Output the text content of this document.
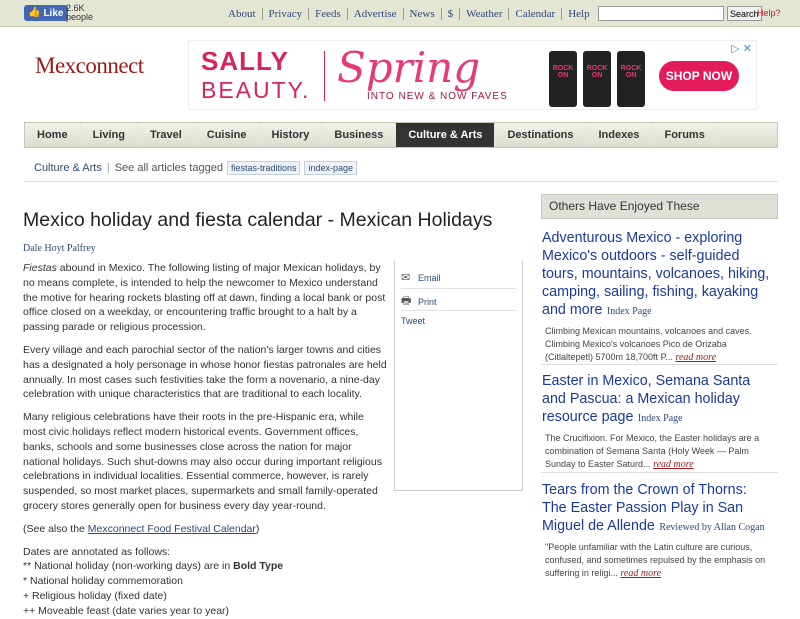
👍 Like 2.6K
people	About	Privacy	Feeds	Advertise	News	$	Weather	Calendar	Help	Search
Help?
Mexconnect SALLY
BEAUTY. Spring
INTO NEW & NOW FAVES
ROCK ON
ROCK ON
ROCK ON	SHOP NOW
▷ ✕
Home	Living	Travel	Cuisine	History	Business	Culture & Arts	Destinations	Indexes	Forums
Culture & Arts | See all articles tagged fiestas-traditions	index-page
Mexico holiday and fiesta calendar - Mexican Holidays
Dale Hoyt Palfrey

Fiestas abound in Mexico. The following listing of major Mexican holidays, by no means complete, is intended to help the newcomer to Mexico understand the motive for hearing rockets blasting off at dawn, finding a local bank or post office closed on a weekday, or encountering traffic brought to a halt by a passing parade or religious procession.

Every village and each parochial sector of the nation's larger towns and cities has a designated a holy personage in whose honor fiestas patronales are held annually. In most cases such festivities take the form a novenario, a nine-day celebration with unique characteristics that are traditional to each locality.

Many religious celebrations have their roots in the pre-Hispanic era, while most civic holidays reflect modern historical events. Government offices, banks, schools and some businesses close across the nation for major national holidays. Such shut-downs may also occur during important religious celebrations in individual localities. Essential commerce, however, is rarely suspended, so most market places, supermarkets and small family-operated grocery stores generally open for business every day year-round.

(See also the Mexconnect Food Festival Calendar)

Dates are annotated as follows:
** National holiday (non-working days) are in Bold Type
* National holiday commemoration
+ Religious holiday (fixed date)
++ Moveable feast (date varies year to year)
✉ Email
🖶 Print
Tweet
Others Have Enjoyed These
Adventurous Mexico - exploring Mexico's outdoors - self-guided tours, mountains, volcanoes, hiking, camping, sailing, fishing, kayaking and more Index Page
Climbing Mexican mountains, volcanoes and caves. Climbing Mexico's volcanoes Pico de Orizaba (Citlaltepetl) 5700m 18,700ft P... read more
Easter in Mexico, Semana Santa and Pascua: a Mexican holiday resource page Index Page
The Crucifixion. For Mexico, the Easter holidays are a combination of Semana Santa (Holy Week — Palm Sunday to Easter Saturd... read more
Tears from the Crown of Thorns: The Easter Passion Play in San Miguel de Allende Reviewed by Allan Cogan
"People unfamiliar with the Latin culture are curious, confused, and sometimes repulsed by the emphasis on suffering in religi... read more
